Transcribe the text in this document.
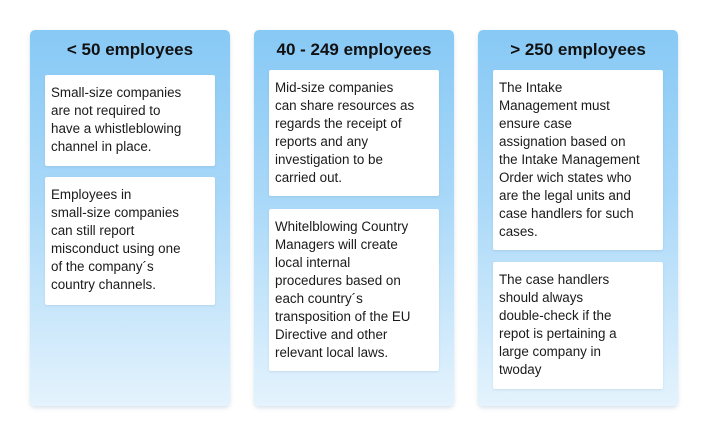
< 50 employees
Small-size companies
are not required to
have a whistleblowing
channel in place.
Employees in
small-size companies
can still report
misconduct using one
of the company´s
country channels.
40 - 249 employees
Mid-size companies
can share resources as
regards the receipt of
reports and any
investigation to be
carried out.
Whitelblowing Country
Managers will create
local internal
procedures based on
each country´s
transposition of the EU
Directive and other
relevant local laws.
> 250 employees
The Intake
Management must
ensure case
assignation based on
the Intake Management
Order wich states who
are the legal units and
case handlers for such
cases.
The case handlers
should always
double-check if the
repot is pertaining a
large company in
twoday
